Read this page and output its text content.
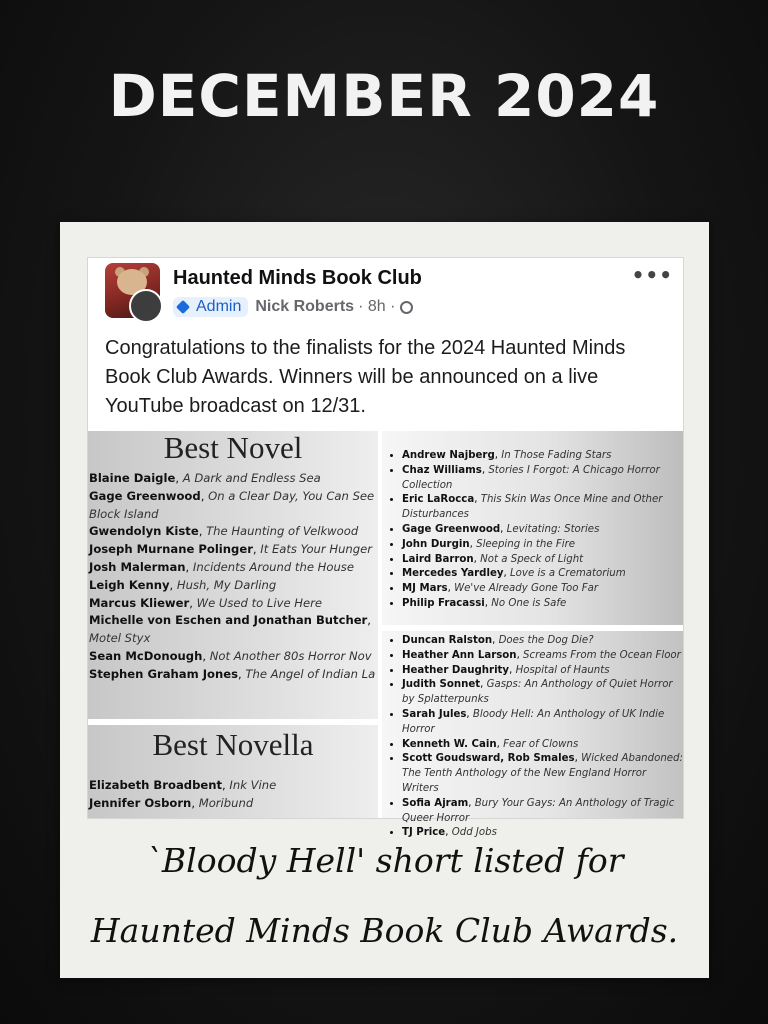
DECEMBER 2024
Haunted Minds Book Club
Admin Nick Roberts · 8h ·
•••
Congratulations to the finalists for the 2024 Haunted Minds Book Club Awards. Winners will be announced on a live YouTube broadcast on 12/31.
Best Novel
Blaine Daigle, A Dark and Endless Sea
Gage Greenwood, On a Clear Day, You Can See Block Island
Gwendolyn Kiste, The Haunting of Velkwood
Joseph Murnane Polinger, It Eats Your Hunger
Josh Malerman, Incidents Around the House
Leigh Kenny, Hush, My Darling
Marcus Kliewer, We Used to Live Here
Michelle von Eschen and Jonathan Butcher, Motel Styx
Sean McDonough, Not Another 80s Horror Nov
Stephen Graham Jones, The Angel of Indian La
Best Novella
Elizabeth Broadbent, Ink Vine
Jennifer Osborn, Moribund
• Andrew Najberg, In Those Fading Stars
• Chaz Williams, Stories I Forgot: A Chicago Horror Collection
• Eric LaRocca, This Skin Was Once Mine and Other Disturbances
• Gage Greenwood, Levitating: Stories
• John Durgin, Sleeping in the Fire
• Laird Barron, Not a Speck of Light
• Mercedes Yardley, Love is a Crematorium
• MJ Mars, We've Already Gone Too Far
• Philip Fracassi, No One is Safe
• Duncan Ralston, Does the Dog Die?
• Heather Ann Larson, Screams From the Ocean Floor
• Heather Daughrity, Hospital of Haunts
• Judith Sonnet, Gasps: An Anthology of Quiet Horror by Splatterpunks
• Sarah Jules, Bloody Hell: An Anthology of UK Indie Horror
• Kenneth W. Cain, Fear of Clowns
• Scott Goudsward, Rob Smales, Wicked Abandoned: The Tenth Anthology of the New England Horror Writers
• Sofia Ajram, Bury Your Gays: An Anthology of Tragic Queer Horror
• TJ Price, Odd Jobs
`Bloody Hell' short listed for
Haunted Minds Book Club Awards.
